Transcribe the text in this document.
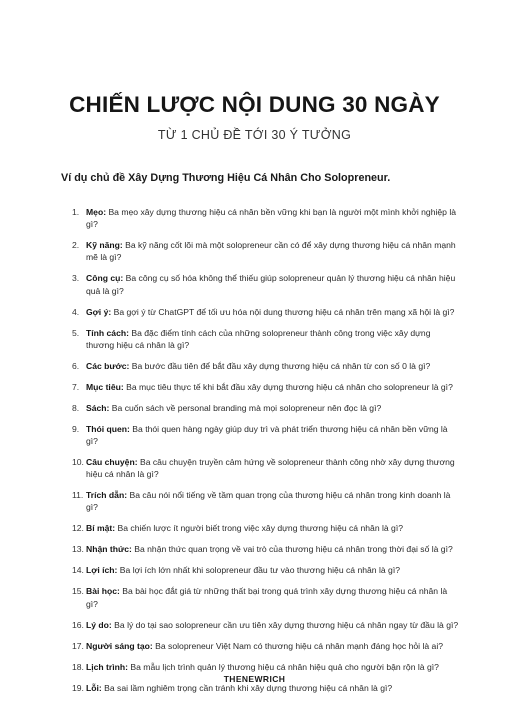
CHIẾN LƯỢC NỘI DUNG 30 NGÀY
TỪ 1 CHỦ ĐỀ TỚI 30 Ý TƯỞNG
Ví dụ chủ đề Xây Dựng Thương Hiệu Cá Nhân Cho Solopreneur.
1. Mẹo: Ba mẹo xây dựng thương hiệu cá nhân bền vững khi bạn là người một mình khởi nghiệp là gì?
2. Kỹ năng: Ba kỹ năng cốt lõi mà một solopreneur cần có để xây dựng thương hiệu cá nhân mạnh mẽ là gì?
3. Công cụ: Ba công cụ số hóa không thể thiếu giúp solopreneur quản lý thương hiệu cá nhân hiệu quả là gì?
4. Gợi ý: Ba gợi ý từ ChatGPT để tối ưu hóa nội dung thương hiệu cá nhân trên mạng xã hội là gì?
5. Tính cách: Ba đặc điểm tính cách của những solopreneur thành công trong việc xây dựng thương hiệu cá nhân là gì?
6. Các bước: Ba bước đầu tiên để bắt đầu xây dựng thương hiệu cá nhân từ con số 0 là gì?
7. Mục tiêu: Ba mục tiêu thực tế khi bắt đầu xây dựng thương hiệu cá nhân cho solopreneur là gì?
8. Sách: Ba cuốn sách về personal branding mà mọi solopreneur nên đọc là gì?
9. Thói quen: Ba thói quen hàng ngày giúp duy trì và phát triển thương hiệu cá nhân bền vững là gì?
10. Câu chuyện: Ba câu chuyện truyền cảm hứng về solopreneur thành công nhờ xây dựng thương hiệu cá nhân là gì?
11. Trích dẫn: Ba câu nói nổi tiếng về tầm quan trọng của thương hiệu cá nhân trong kinh doanh là gì?
12. Bí mật: Ba chiến lược ít người biết trong việc xây dựng thương hiệu cá nhân là gì?
13. Nhận thức: Ba nhận thức quan trọng về vai trò của thương hiệu cá nhân trong thời đại số là gì?
14. Lợi ích: Ba lợi ích lớn nhất khi solopreneur đầu tư vào thương hiệu cá nhân là gì?
15. Bài học: Ba bài học đắt giá từ những thất bại trong quá trình xây dựng thương hiệu cá nhân là gì?
16. Lý do: Ba lý do tại sao solopreneur cần ưu tiên xây dựng thương hiệu cá nhân ngay từ đầu là gì?
17. Người sáng tạo: Ba solopreneur Việt Nam có thương hiệu cá nhân mạnh đáng học hỏi là ai?
18. Lịch trình: Ba mẫu lịch trình quản lý thương hiệu cá nhân hiệu quả cho người bận rộn là gì?
19. Lỗi: Ba sai lầm nghiêm trọng cần tránh khi xây dựng thương hiệu cá nhân là gì?
THENEWRICH
